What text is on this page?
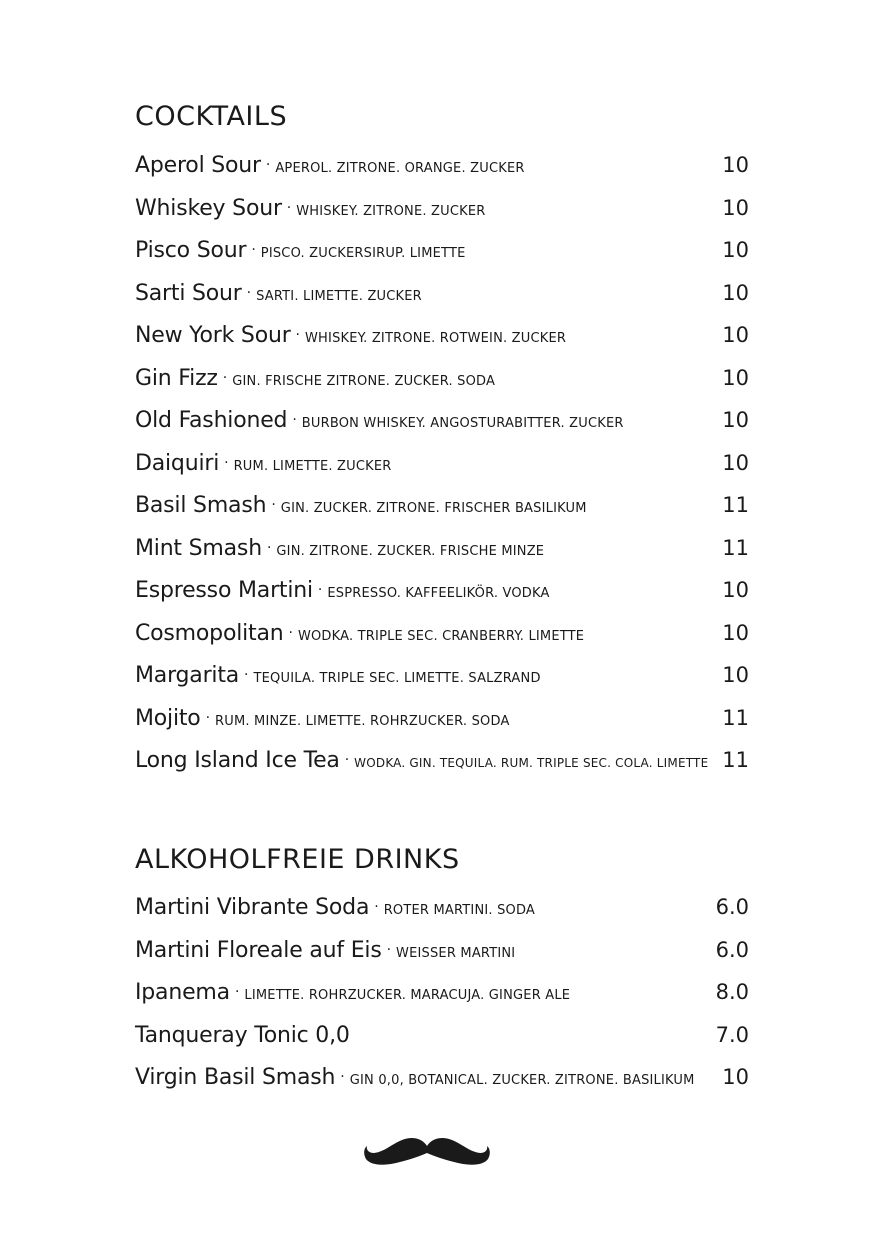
COCKTAILS
Aperol Sour · APEROL. ZITRONE. ORANGE. ZUCKER	10
Whiskey Sour · WHISKEY. ZITRONE. ZUCKER	10
Pisco Sour · PISCO. ZUCKERSIRUP. LIMETTE	10
Sarti Sour · SARTI. LIMETTE. ZUCKER	10
New York Sour · WHISKEY. ZITRONE. ROTWEIN. ZUCKER	10
Gin Fizz · GIN. FRISCHE ZITRONE. ZUCKER. SODA	10
Old Fashioned · BURBON WHISKEY. ANGOSTURABITTER. ZUCKER	10
Daiquiri · RUM. LIMETTE. ZUCKER	10
Basil Smash · GIN. ZUCKER. ZITRONE. FRISCHER BASILIKUM	11
Mint Smash · GIN. ZITRONE. ZUCKER. FRISCHE MINZE	11
Espresso Martini · ESPRESSO. KAFFEELIKÖR. VODKA	10
Cosmopolitan · WODKA. TRIPLE SEC. CRANBERRY. LIMETTE	10
Margarita · TEQUILA. TRIPLE SEC. LIMETTE. SALZRAND	10
Mojito · RUM. MINZE. LIMETTE. ROHRZUCKER. SODA	11
Long Island Ice Tea · WODKA. GIN. TEQUILA. RUM. TRIPLE SEC. COLA. LIMETTE 11
ALKOHOLFREIE DRINKS
Martini Vibrante Soda · ROTER MARTINI. SODA	6.0
Martini Floreale auf Eis · WEISSER MARTINI	6.0
Ipanema · LIMETTE. ROHRZUCKER. MARACUJA. GINGER ALE	8.0
Tanqueray Tonic 0,0	7.0
Virgin Basil Smash · GIN 0,0, BOTANICAL. ZUCKER. ZITRONE. BASILIKUM 10
